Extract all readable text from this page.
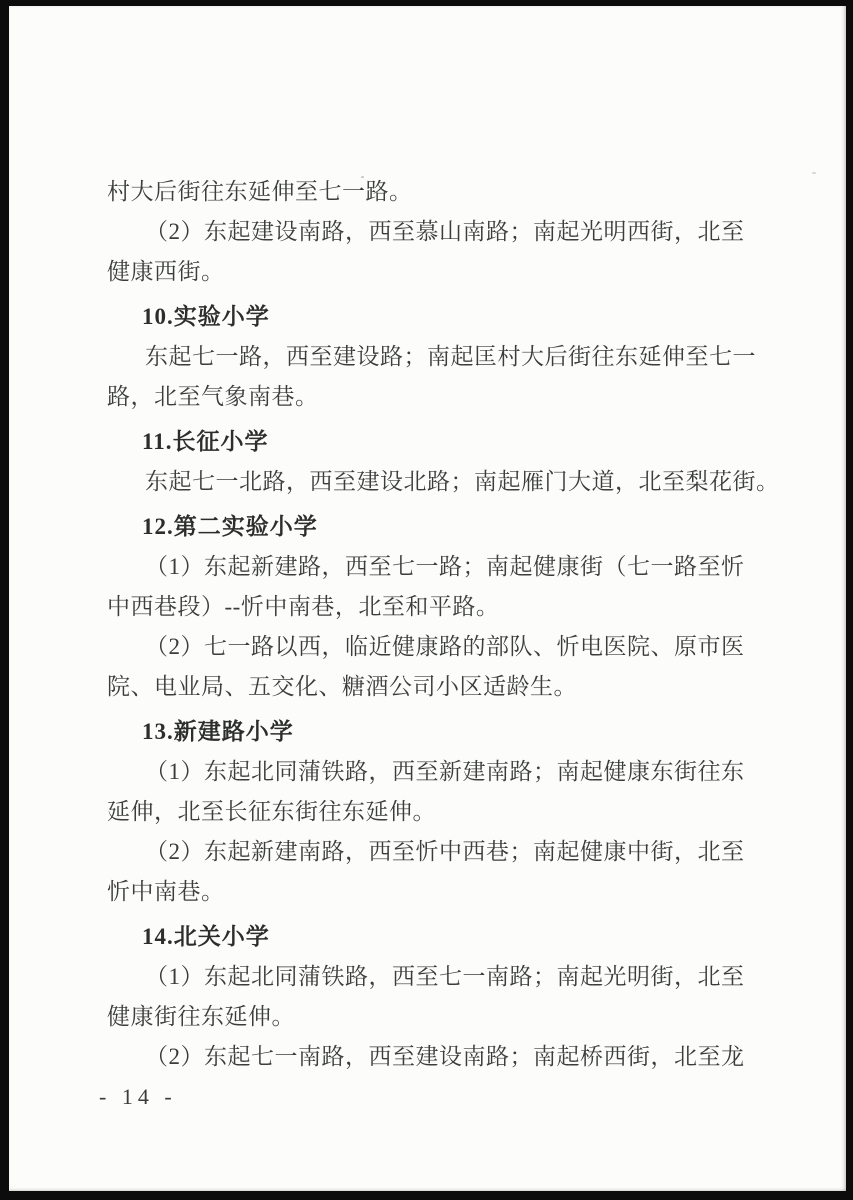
村大后街往东延伸至七一路。
（2）东起建设南路，西至慕山南路；南起光明西街，北至
健康西街。
10.实验小学
东起七一路，西至建设路；南起匡村大后街往东延伸至七一
路，北至气象南巷。
11.长征小学
东起七一北路，西至建设北路；南起雁门大道，北至梨花街。
12.第二实验小学
（1）东起新建路，西至七一路；南起健康街（七一路至忻
中西巷段）--忻中南巷，北至和平路。
（2）七一路以西，临近健康路的部队、忻电医院、原市医
院、电业局、五交化、糖酒公司小区适龄生。
13.新建路小学
（1）东起北同蒲铁路，西至新建南路；南起健康东街往东
延伸，北至长征东街往东延伸。
（2）东起新建南路，西至忻中西巷；南起健康中街，北至
忻中南巷。
14.北关小学
（1）东起北同蒲铁路，西至七一南路；南起光明街，北至
健康街往东延伸。
（2）东起七一南路，西至建设南路；南起桥西街，北至龙
- 14 -
